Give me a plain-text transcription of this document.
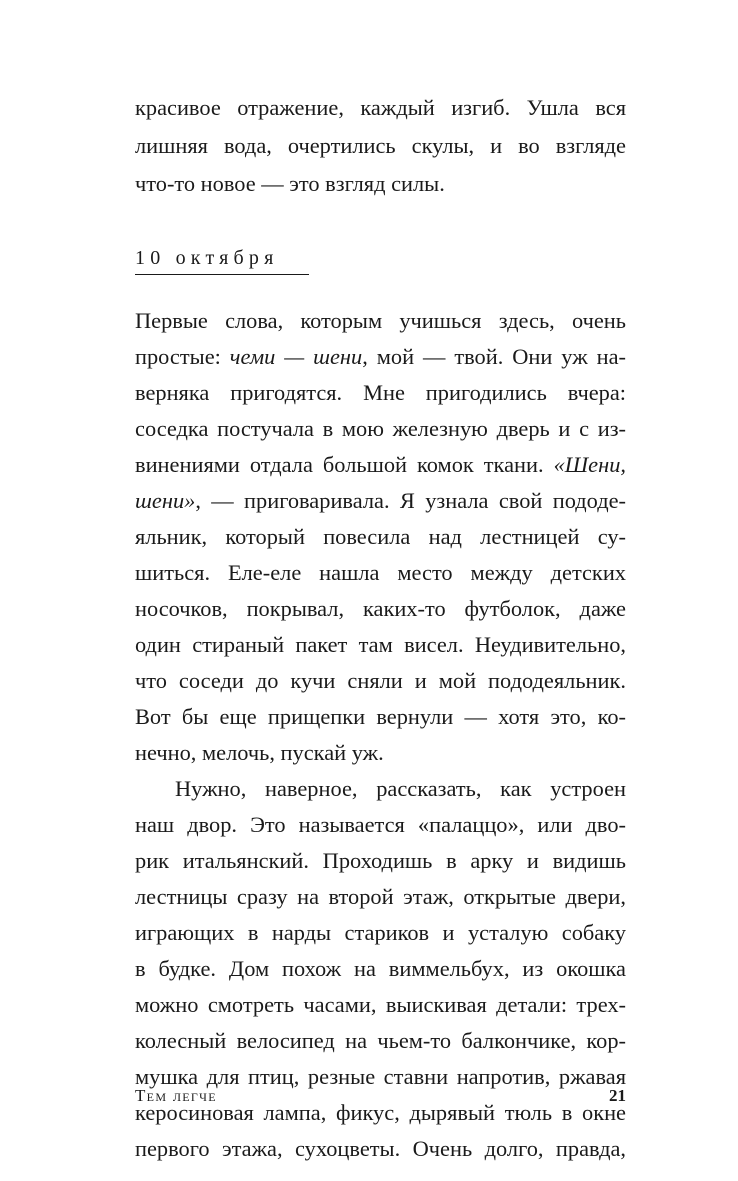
красивое отражение, каждый изгиб. Ушла вся
лишняя вода, очертились скулы, и во взгляде
что-то новое — это взгляд силы.
10 октября
Первые слова, которым учишься здесь, очень
простые: чеми — шени, мой — твой. Они уж на-
верняка пригодятся. Мне пригодились вчера:
соседка постучала в мою железную дверь и с из-
винениями отдала большой комок ткани. «Шени,
шени», — приговаривала. Я узнала свой пододе-
яльник, который повесила над лестницей су-
шиться. Еле-еле нашла место между детских
носочков, покрывал, каких-то футболок, даже
один стираный пакет там висел. Неудивительно,
что соседи до кучи сняли и мой пододеяльник.
Вот бы еще прищепки вернули — хотя это, ко-
нечно, мелочь, пускай уж.
Нужно, наверное, рассказать, как устроен
наш двор. Это называется «палаццо», или дво-
рик итальянский. Проходишь в арку и видишь
лестницы сразу на второй этаж, открытые двери,
играющих в нарды стариков и усталую собаку
в будке. Дом похож на виммельбух, из окошка
можно смотреть часами, выискивая детали: трех-
колесный велосипед на чьем-то балкончике, кор-
мушка для птиц, резные ставни напротив, ржавая
керосиновая лампа, фикус, дырявый тюль в окне
первого этажа, сухоцветы. Очень долго, правда,
Тем легче	21
